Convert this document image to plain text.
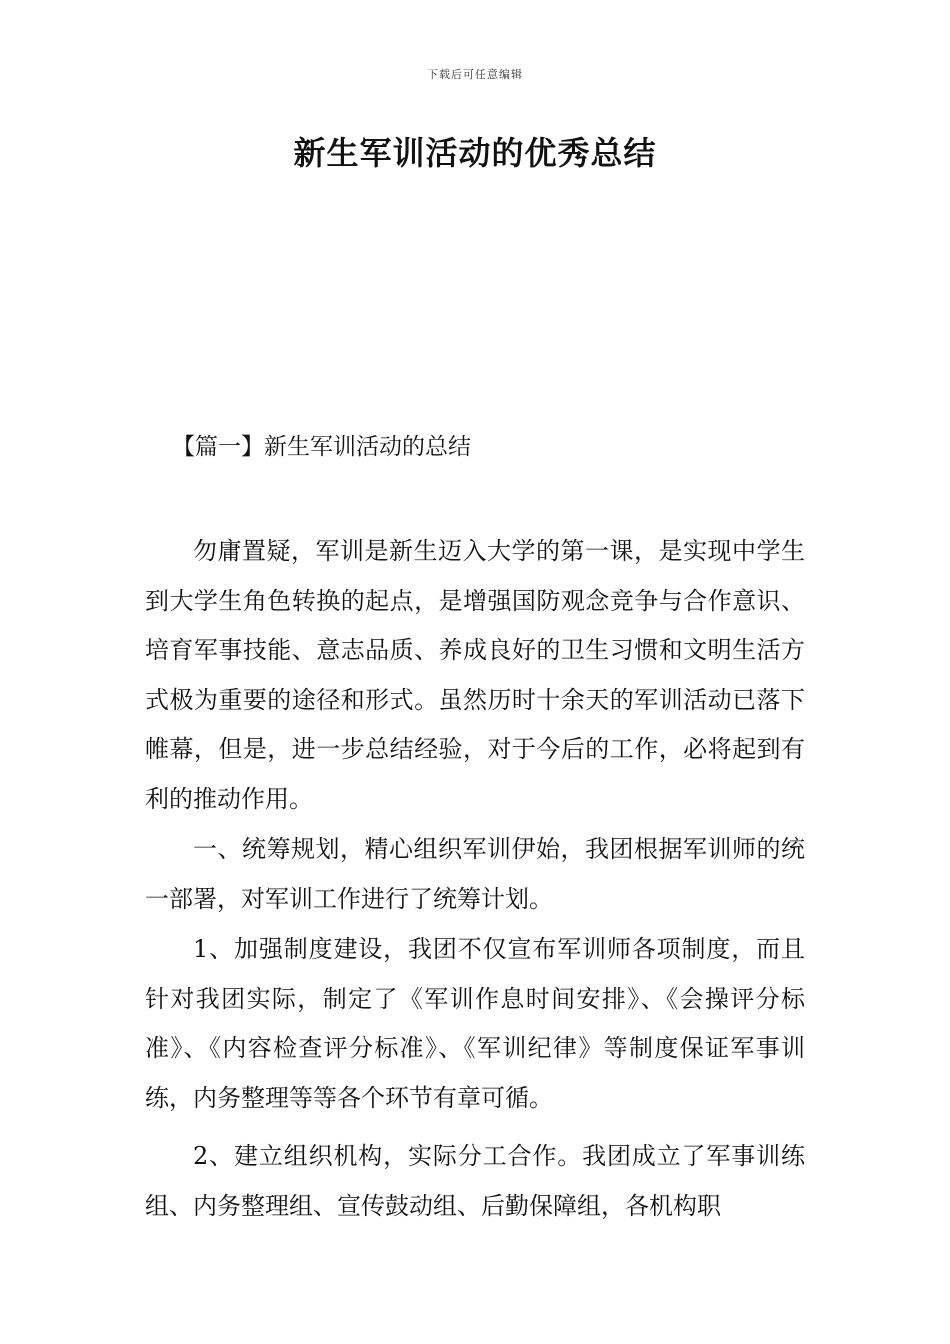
下载后可任意编辑
新生军训活动的优秀总结
【篇一】新生军训活动的总结

勿庸置疑，军训是新生迈入大学的第一课，是实现中学生到大学生角色转换的起点，是增强国防观念竞争与合作意识、培育军事技能、意志品质、养成良好的卫生习惯和文明生活方式极为重要的途径和形式。虽然历时十余天的军训活动已落下帷幕，但是，进一步总结经验，对于今后的工作，必将起到有利的推动作用。

一、统筹规划，精心组织军训伊始，我团根据军训师的统一部署，对军训工作进行了统筹计划。

1、加强制度建设，我团不仅宣布军训师各项制度，而且针对我团实际，制定了《军训作息时间安排》、《会操评分标准》、《内容检查评分标准》、《军训纪律》等制度保证军事训练，内务整理等等各个环节有章可循。

2、建立组织机构，实际分工合作。我团成立了军事训练组、内务整理组、宣传鼓动组、后勤保障组，各机构职
